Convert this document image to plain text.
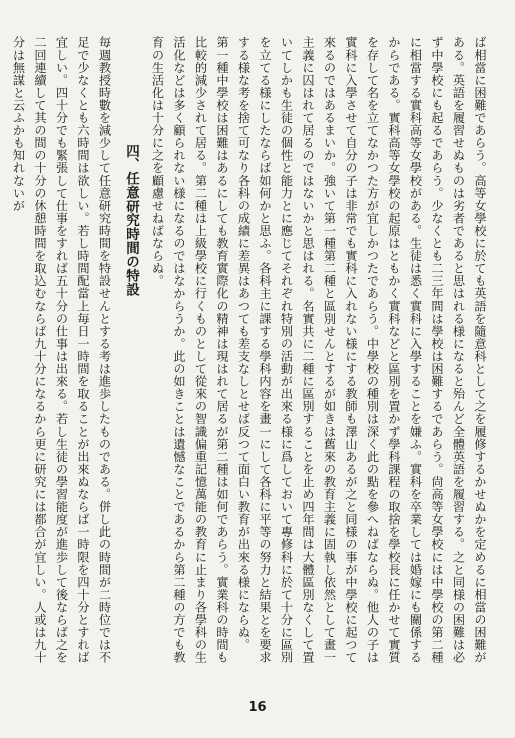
ば相當に困難であらう。高等女學校に於ても英語を隨意科として之を履修するかせぬかを定めるに相當の困難がある。英語を履習せぬものは劣者であると思はれる様になると殆んど全體英語を履習する。之と同様の困難は必ず中學校にも起るであらう。少なくとも二三年間は學校は困難するであらう。尙高等女學校には中學校の第二種に相當する實科高等女學校がある。生徒は悉く實科に入學することを嫌ふ。實科を卒業しては婚嫁にも關係するからである。實科高等女學校の起原はともかく實科などと區別を置かず學科課程の取捨を學校長に任かせて實質を存して名を立てなかつた方が宜しかつたであらう。中學校の種別は深く此の點を參へねばならぬ。他人の子は實科に入學させて自分の子は非常でも實科に入れない様にする教師も澤山あるが之と同様の事が中學校に起つて來るのではあるまいか。強いて第一種第二種と區別せんとするが如きは舊來の教育主義に固執し依然として畫一主義に囚はれて居るのではないかと思はれる。名實共に二種に區別することを止め四年間は大體區別なくして置いてしかも生徒の個性と能力とに應じてそれぞれ特別の活動が出來る様に爲しておいて專修科に於て十分に區別を立てる様にしたならば如何かと思ふ。各科主に課する學科内容を畫一にして各科に平等の努力と結果とを要求する様な考を捨て可なり各科の成績に差異はあつても差支なしとせば反つて面白い教育が出來る様にならぬ。

第一種中學校は困難はあるにしても教育實際化の精神は現はれて居るが第二種は如何であらう。實業科の時間も比較的減少されて居る。第二種は上級學校に行くものとして從來の智識偏重記憶萬能の教育に止まり各學科の生活化などは多く顧られない様になるのではなからうか。此の如きことは遺憾なことであるから第二種の方でも教育の生活化は十分に之を顧慮せねばならぬ。

四、任意研究時間の特設

毎週教授時數を減少して任意研究時間を特設せんとする考は進歩したものである。併し此の時間が二時位では不足で少なくとも六時間は欲しい。若し時間配當上毎日一時間を取ることが出來ぬならば一時限を四十分とすれば宜しい。四十分でも緊張して仕事をすれば五十分の仕事は出來る。若し生徒の學習能度が進歩して後ならば之を二回連續して其の間の十分の休憩時間を取込むならば九十分になるから更に研究には都合が宜しい。人或は九十分は無謀と云ふかも知れないが

16
